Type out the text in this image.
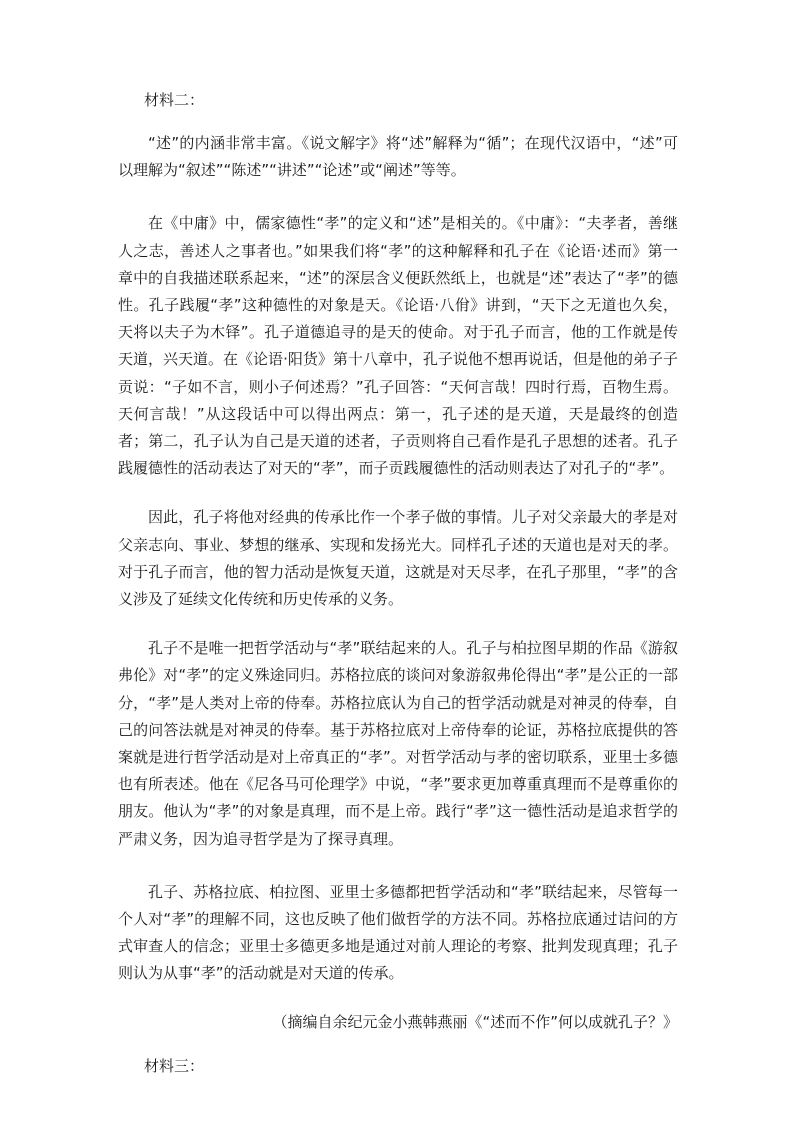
材料二：

“述”的内涵非常丰富。《说文解字》将“述”解释为“循”；在现代汉语中，“述”可以理解为“叙述”“陈述”“讲述”“论述”或“阐述”等等。

在《中庸》中，儒家德性“孝”的定义和“述”是相关的。《中庸》：“夫孝者，善继人之志，善述人之事者也。”如果我们将“孝”的这种解释和孔子在《论语·述而》第一章中的自我描述联系起来，“述”的深层含义便跃然纸上，也就是“述”表达了“孝”的德性。孔子践履“孝”这种德性的对象是天。《论语·八佾》讲到，“天下之无道也久矣，天将以夫子为木铎”。孔子道德追寻的是天的使命。对于孔子而言，他的工作就是传天道，兴天道。在《论语·阳货》第十八章中，孔子说他不想再说话，但是他的弟子子贡说：“子如不言，则小子何述焉？”孔子回答：“天何言哉！四时行焉，百物生焉。天何言哉！”从这段话中可以得出两点：第一，孔子述的是天道，天是最终的创造者；第二，孔子认为自己是天道的述者，子贡则将自己看作是孔子思想的述者。孔子践履德性的活动表达了对天的“孝”，而子贡践履德性的活动则表达了对孔子的“孝”。

因此，孔子将他对经典的传承比作一个孝子做的事情。儿子对父亲最大的孝是对父亲志向、事业、梦想的继承、实现和发扬光大。同样孔子述的天道也是对天的孝。对于孔子而言，他的智力活动是恢复天道，这就是对天尽孝，在孔子那里，“孝”的含义涉及了延续文化传统和历史传承的义务。

孔子不是唯一把哲学活动与“孝”联结起来的人。孔子与柏拉图早期的作品《游叙弗伦》对“孝”的定义殊途同归。苏格拉底的谈问对象游叙弗伦得出“孝”是公正的一部分，“孝”是人类对上帝的侍奉。苏格拉底认为自己的哲学活动就是对神灵的侍奉，自己的问答法就是对神灵的侍奉。基于苏格拉底对上帝侍奉的论证，苏格拉底提供的答案就是进行哲学活动是对上帝真正的“孝”。对哲学活动与孝的密切联系，亚里士多德也有所表述。他在《尼各马可伦理学》中说，“孝”要求更加尊重真理而不是尊重你的朋友。他认为“孝”的对象是真理，而不是上帝。践行“孝”这一德性活动是追求哲学的严肃义务，因为追寻哲学是为了探寻真理。

孔子、苏格拉底、柏拉图、亚里士多德都把哲学活动和“孝”联结起来，尽管每一个人对“孝”的理解不同，这也反映了他们做哲学的方法不同。苏格拉底通过诘问的方式审查人的信念；亚里士多德更多地是通过对前人理论的考察、批判发现真理；孔子则认为从事“孝”的活动就是对天道的传承。

（摘编自余纪元金小燕韩燕丽《“述而不作”何以成就孔子？》

材料三：
